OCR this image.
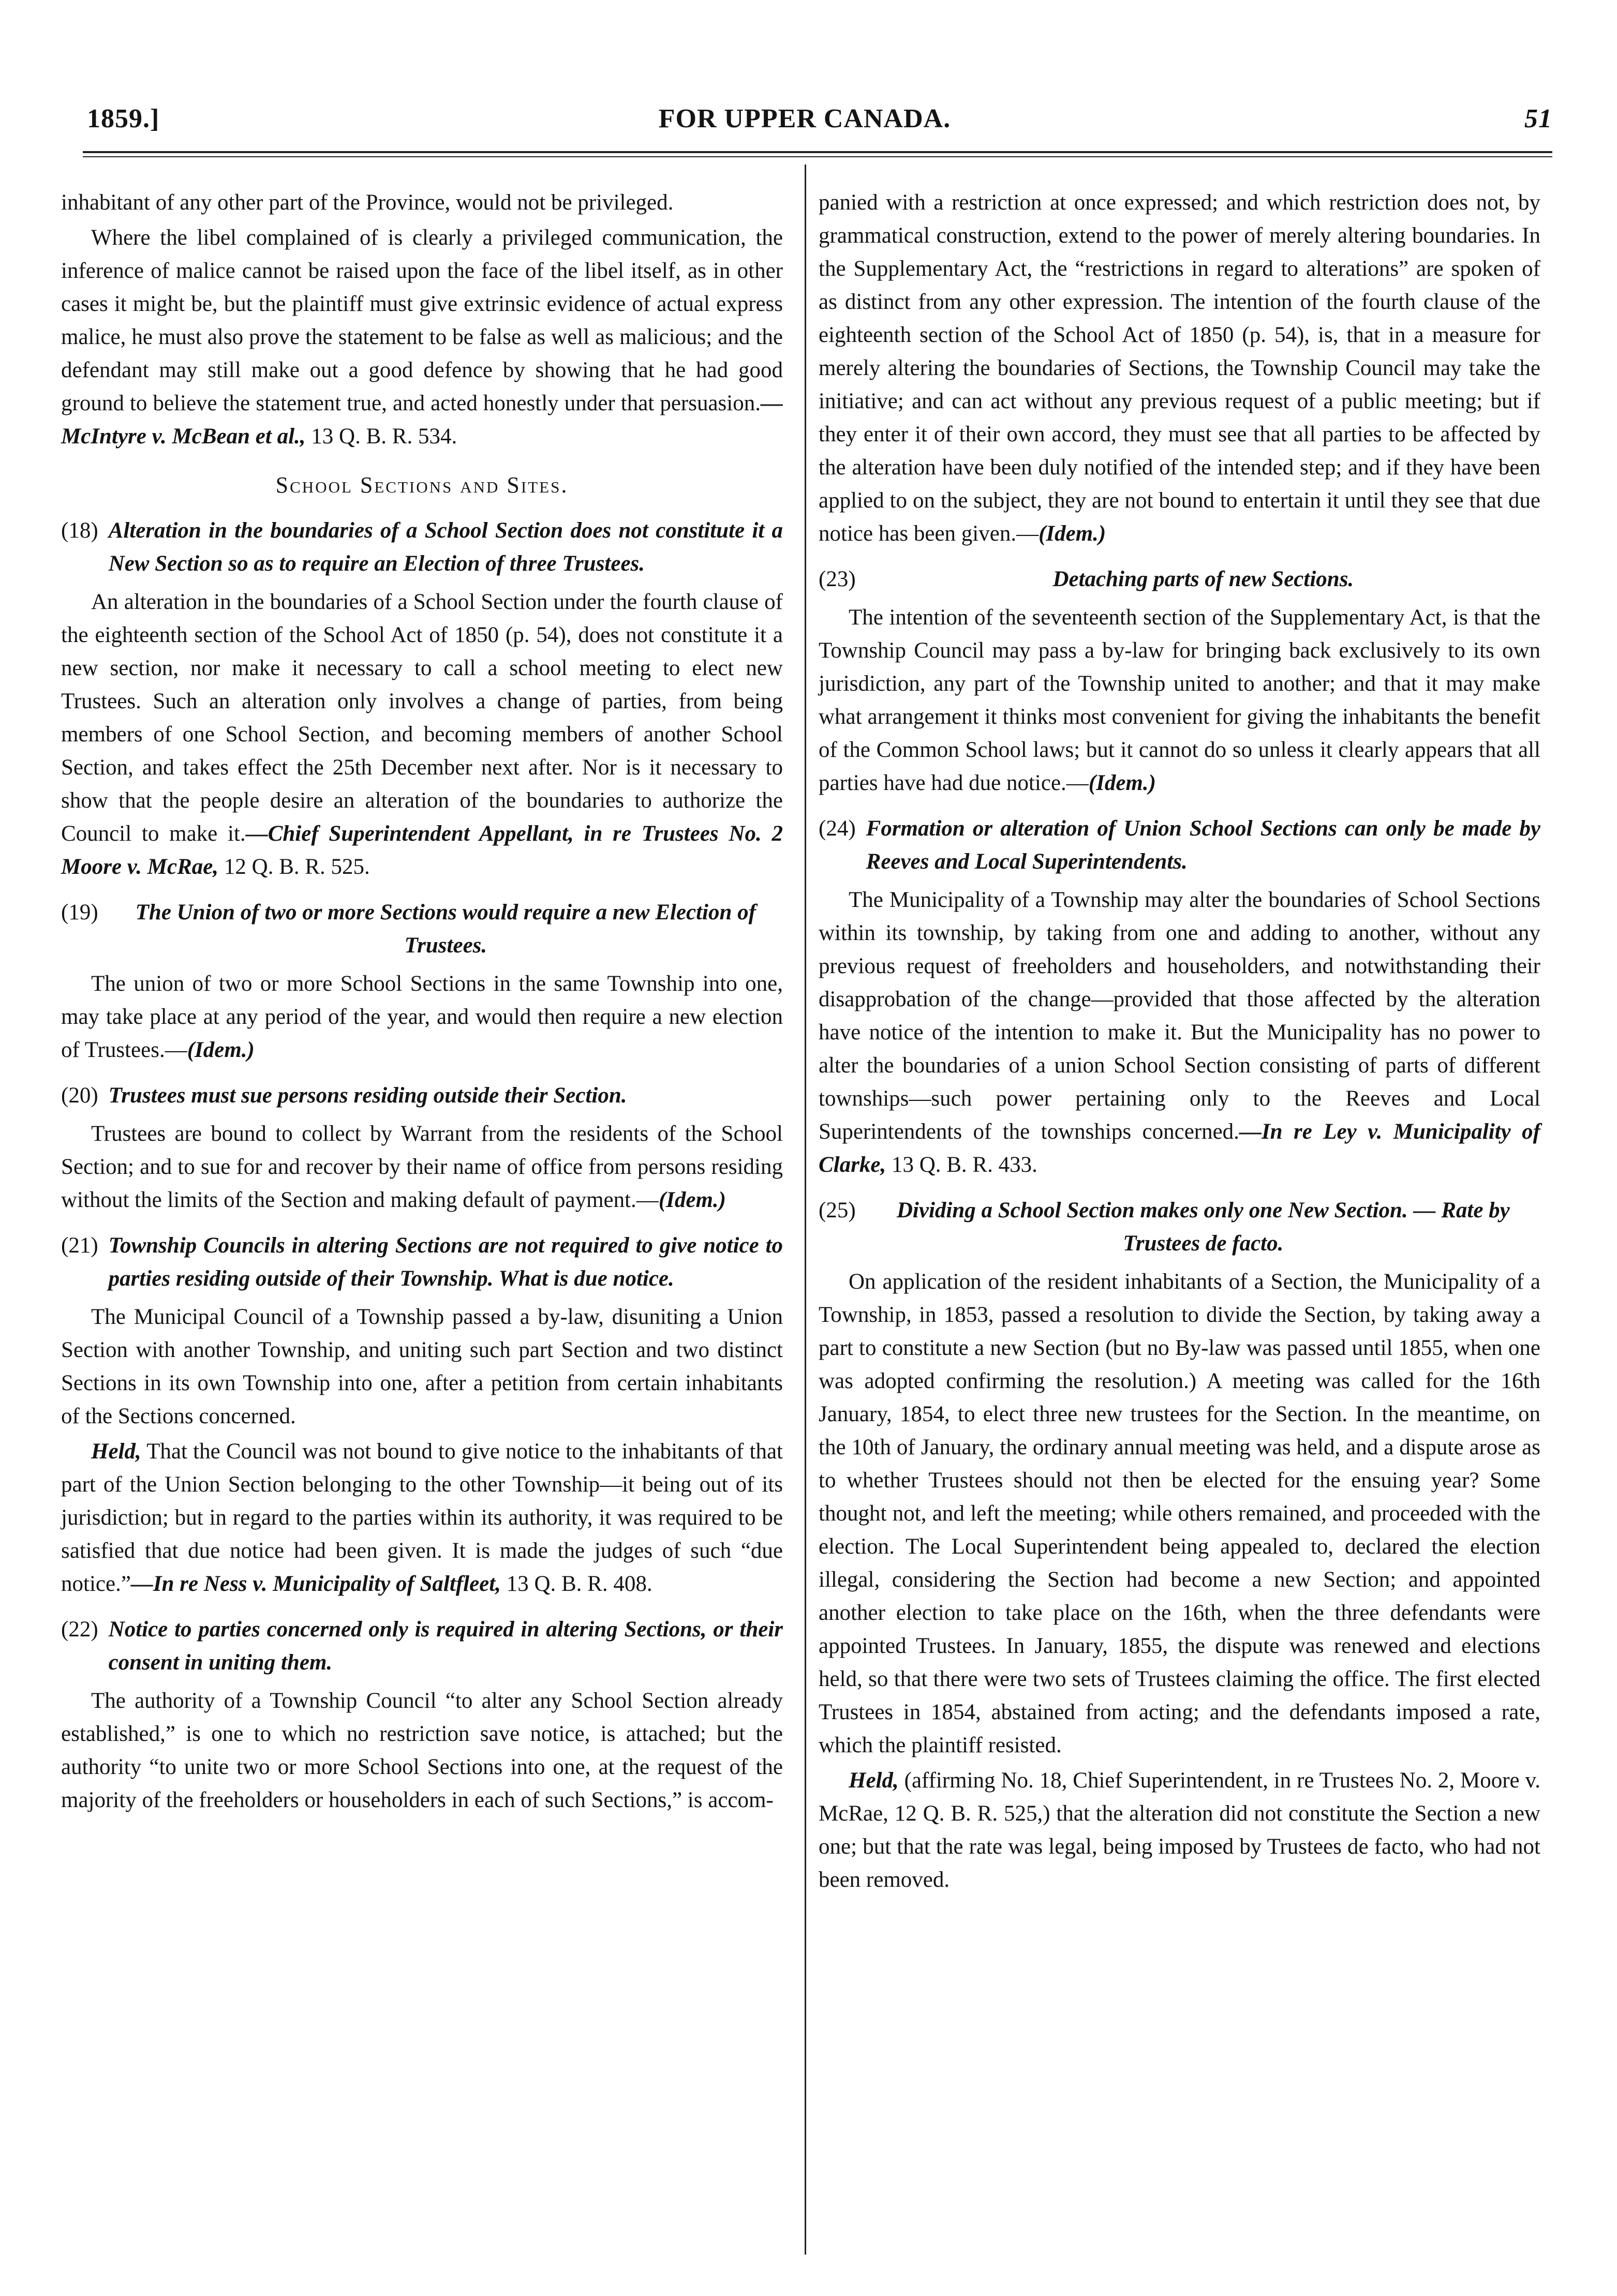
1859.]	FOR UPPER CANADA.	51

inhabitant of any other part of the Province, would not be privileged.

Where the libel complained of is clearly a privileged communication, the inference of malice cannot be raised upon the face of the libel itself, as in other cases it might be, but the plaintiff must give extrinsic evidence of actual express malice, he must also prove the statement to be false as well as malicious; and the defendant may still make out a good defence by showing that he had good ground to believe the statement true, and acted honestly under that persuasion.—McIntyre v. McBean et al., 13 Q. B. R. 534.

School Sections and Sites.
(18) Alteration in the boundaries of a School Section does not constitute it a New Section so as to require an Election of three Trustees.

An alteration in the boundaries of a School Section under the fourth clause of the eighteenth section of the School Act of 1850 (p. 54), does not constitute it a new section, nor make it necessary to call a school meeting to elect new Trustees. Such an alteration only involves a change of parties, from being members of one School Section, and becoming members of another School Section, and takes effect the 25th December next after. Nor is it necessary to show that the people desire an alteration of the boundaries to authorize the Council to make it.—Chief Superintendent Appellant, in re Trustees No. 2 Moore v. McRae, 12 Q. B. R. 525.

(19)	The Union of two or more Sections would require a new Election of Trustees.

The union of two or more School Sections in the same Township into one, may take place at any period of the year, and would then require a new election of Trustees.—(Idem.)

(20) Trustees must sue persons residing outside their Section.

Trustees are bound to collect by Warrant from the residents of the School Section; and to sue for and recover by their name of office from persons residing without the limits of the Section and making default of payment.—(Idem.)

(21) Township Councils in altering Sections are not required to give notice to parties residing outside of their Township. What is due notice.

The Municipal Council of a Township passed a by-law, disuniting a Union Section with another Township, and uniting such part Section and two distinct Sections in its own Township into one, after a petition from certain inhabitants of the Sections concerned.

Held, That the Council was not bound to give notice to the inhabitants of that part of the Union Section belonging to the other Township—it being out of its jurisdiction; but in regard to the parties within its authority, it was required to be satisfied that due notice had been given. It is made the judges of such “due notice.”—In re Ness v. Municipality of Saltfleet, 13 Q. B. R. 408.

(22) Notice to parties concerned only is required in altering Sections, or their consent in uniting them.

The authority of a Township Council “to alter any School Section already established,” is one to which no restriction save notice, is attached; but the authority “to unite two or more School Sections into one, at the request of the majority of the freeholders or householders in each of such Sections,” is accom-

panied with a restriction at once expressed; and which restriction does not, by grammatical construction, extend to the power of merely altering boundaries. In the Supplementary Act, the “restrictions in regard to alterations” are spoken of as distinct from any other expression. The intention of the fourth clause of the eighteenth section of the School Act of 1850 (p. 54), is, that in a measure for merely altering the boundaries of Sections, the Township Council may take the initiative; and can act without any previous request of a public meeting; but if they enter it of their own accord, they must see that all parties to be affected by the alteration have been duly notified of the intended step; and if they have been applied to on the subject, they are not bound to entertain it until they see that due notice has been given.—(Idem.)

(23)	Detaching parts of new Sections.

The intention of the seventeenth section of the Supplementary Act, is that the Township Council may pass a by-law for bringing back exclusively to its own jurisdiction, any part of the Township united to another; and that it may make what arrangement it thinks most convenient for giving the inhabitants the benefit of the Common School laws; but it cannot do so unless it clearly appears that all parties have had due notice.—(Idem.)

(24) Formation or alteration of Union School Sections can only be made by Reeves and Local Superintendents.

The Municipality of a Township may alter the boundaries of School Sections within its township, by taking from one and adding to another, without any previous request of freeholders and householders, and notwithstanding their disapprobation of the change—provided that those affected by the alteration have notice of the intention to make it. But the Municipality has no power to alter the boundaries of a union School Section consisting of parts of different townships—such power pertaining only to the Reeves and Local Superintendents of the townships concerned.—In re Ley v. Municipality of Clarke, 13 Q. B. R. 433.

(25)	Dividing a School Section makes only one New Section. — Rate by Trustees de facto.

On application of the resident inhabitants of a Section, the Municipality of a Township, in 1853, passed a resolution to divide the Section, by taking away a part to constitute a new Section (but no By-law was passed until 1855, when one was adopted confirming the resolution.) A meeting was called for the 16th January, 1854, to elect three new trustees for the Section. In the meantime, on the 10th of January, the ordinary annual meeting was held, and a dispute arose as to whether Trustees should not then be elected for the ensuing year? Some thought not, and left the meeting; while others remained, and proceeded with the election. The Local Superintendent being appealed to, declared the election illegal, considering the Section had become a new Section; and appointed another election to take place on the 16th, when the three defendants were appointed Trustees. In January, 1855, the dispute was renewed and elections held, so that there were two sets of Trustees claiming the office. The first elected Trustees in 1854, abstained from acting; and the defendants imposed a rate, which the plaintiff resisted.

Held, (affirming No. 18, Chief Superintendent, in re Trustees No. 2, Moore v. McRae, 12 Q. B. R. 525,) that the alteration did not constitute the Section a new one; but that the rate was legal, being imposed by Trustees de facto, who had not been removed.
